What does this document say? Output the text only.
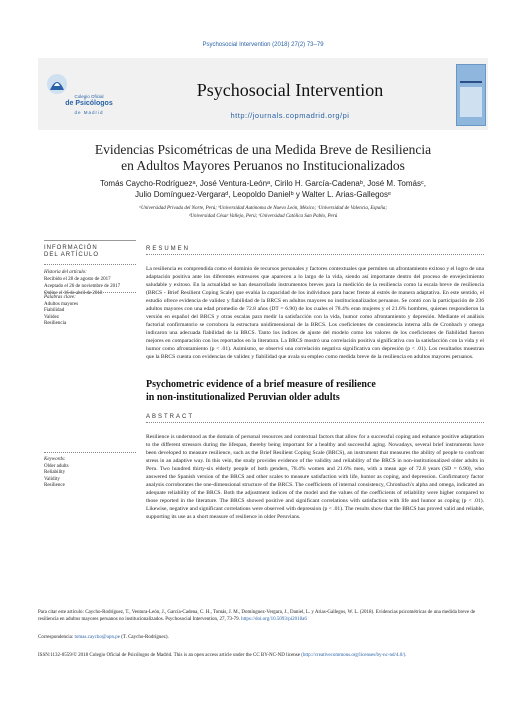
Psychosocial Intervention (2018) 27(2) 73–79
Colegio Oficial
de Psicólogos
de Madrid
Psychosocial Intervention
http://journals.copmadrid.org/pi
Evidencias Psicométricas de una Medida Breve de Resiliencia
en Adultos Mayores Peruanos no Institucionalizados
Tomás Caycho-Rodríguezᵃ, José Ventura-Leónᵃ, Cirilo H. García-Cadenaᵇ, José M. Tomásᶜ,
Julio Domínguez-Vergaraᵈ, Leopoldo Danielᵇ y Walter L. Arias-Gallegosᵉ
ᵃUniversidad Privada del Norte, Perú; ᵇUniversidad Autónoma de Nuevo León, México; ᶜUniversidad de Valencia, España;
ᵈUniversidad César Vallejo, Perú; ᵉUniversidad Católica San Pablo, Perú
INFORMACIÓN
DEL ARTÍCULO
Historia del artículo:
Recibido el 28 de agosto de 2017
Aceptado el 26 de noviembre de 2017
Online el 16 de abril de 2018
Palabras clave:
Adultos mayores
Fiabilidad
Validez
Resiliencia
Keywords:
Older adults
Reliability
Validity
Resilience
RESUMEN
La resiliencia es comprendida como el dominio de recursos personales y factores contextuales que permiten un afrontamiento exitoso y el logro de una adaptación positiva ante los diferentes estresores que aparecen a lo largo de la vida, siendo así importante dentro del proceso de envejecimiento saludable y exitoso. En la actualidad se han desarrollado instrumentos breves para la medición de la resiliencia como la escala breve de resiliencia (BRCS - Brief Resilient Coping Scale) que evalúa la capacidad de los individuos para hacer frente al estrés de manera adaptativa. En este sentido, el estudio ofrece evidencia de validez y fiabilidad de la BRCS en adultos mayores no institucionalizados peruanos. Se contó con la participación de 236 adultos mayores con una edad promedio de 72.8 años (DT = 6.90) de los cuales el 78.4% eran mujeres y el 21.6% hombres, quienes respondieron la versión en español del BRCS y otras escalas para medir la satisfacción con la vida, humor como afrontamiento y depresión. Mediante el análisis factorial confirmatorio se corrobora la estructura unidimensional de la BRCS. Los coeficientes de consistencia interna alfa de Cronbach y omega indicaron una adecuada fiabilidad de la BRCS. Tanto los índices de ajuste del modelo como los valores de los coeficientes de fiabilidad fueron mejores en comparación con los reportados en la literatura. La BRCS mostró una correlación positiva significativa con la satisfacción con la vida y el humor como afrontamiento (p < .01). Asimismo, se observó una correlación negativa significativa con depresión (p < .01). Los resultados muestran que la BRCS cuenta con evidencias de validez y fiabilidad que avala su empleo como medida breve de la resiliencia en adultos mayores peruanos.
Psychometric evidence of a brief measure of resilience
in non-institutionalized Peruvian older adults
ABSTRACT
Resilience is understood as the domain of personal resources and contextual factors that allow for a successful coping and enhance positive adaptation to the different stressors during the lifespan, thereby being important for a healthy and successful aging. Nowadays, several brief instruments have been developed to measure resilience, such as the Brief Resilient Coping Scale (BRCS), an instrument that measures the ability of people to confront stress in an adaptive way. In this vein, the study provides evidence of the validity and reliability of the BRCS in non-institutionalized older adults in Peru. Two hundred thirty-six elderly people of both genders, 78.4% women and 21.6% men, with a mean age of 72.8 years (SD = 6.90), who answered the Spanish version of the BRCS and other scales to measure satisfaction with life, humor as coping, and depression. Confirmatory factor analysis corroborates the one-dimensional structure of the BRCS. The coefficients of internal consistency, Chronbach's alpha and omega, indicated an adequate reliability of the BRCS. Both the adjustment indices of the model and the values of the coefficients of reliability were higher compared to those reported in the literature. The BRCS showed positive and significant correlations with satisfaction with life and humor as coping (p < .01). Likewise, negative and significant correlations were observed with depression (p < .01). The results show that the BRCS has proved valid and reliable, supporting its use as a short measure of resilience in older Peruvians.
Para citar este artículo: Caycho-Rodríguez, T., Ventura-León, J., García-Cadena, C. H., Tomás, J. M., Domínguez-Vergara, J., Daniel, L. y Arias-Gallegos, W. L. (2018). Evidencias psicométricas de una medida breve de resiliencia en adultos mayores peruanos no institucionalizados. Psychosocial Intervention, 27, 73-79. https://doi.org/10.5093/pi2018a6
Correspondencia: tomas.caycho@upn.pe (T. Caycho-Rodríguez).
ISSN:1132-0559/© 2018 Colegio Oficial de Psicólogos de Madrid. This is an open access article under the CC BY-NC-ND license (http://creativecommons.org/licenses/by-nc-nd/4.0/).
